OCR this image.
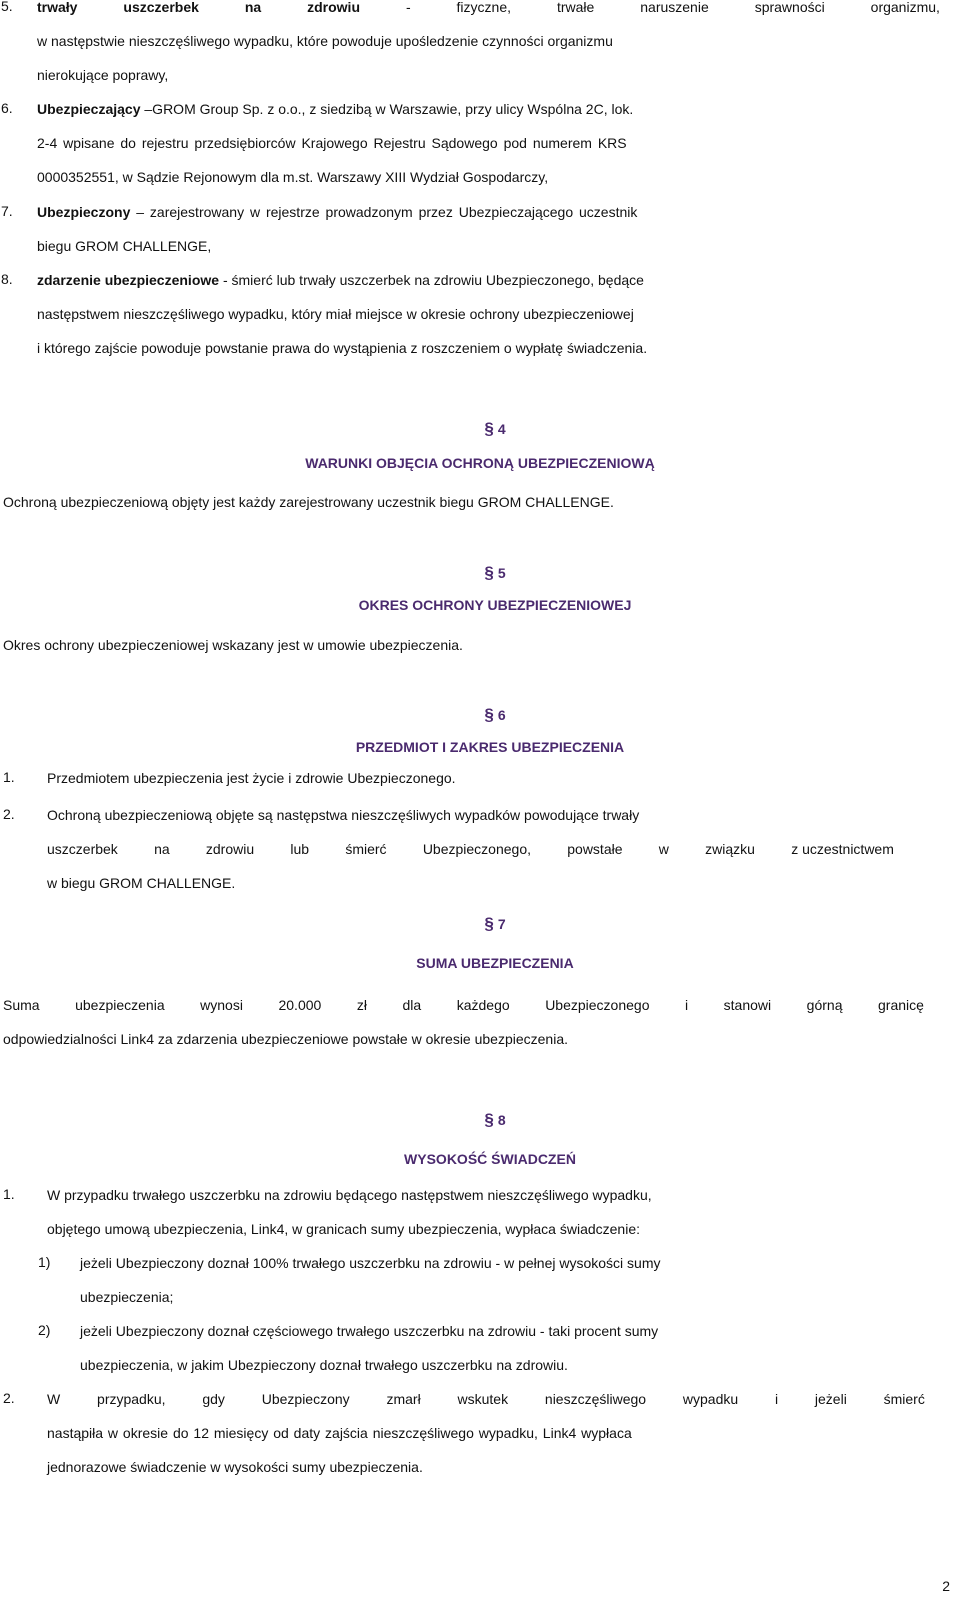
5. trwały	uszczerbek	na	zdrowiu	-	fizyczne,	trwałe	naruszenie	sprawności	organizmu,
w następstwie nieszczęśliwego wypadku, które powoduje upośledzenie czynności organizmu
nierokujące poprawy,
6. Ubezpieczający –GROM Group Sp. z o.o., z siedzibą w Warszawie, przy ulicy Wspólna 2C, lok.
2-4 wpisane do rejestru przedsiębiorców Krajowego Rejestru Sądowego pod numerem KRS
0000352551, w Sądzie Rejonowym dla m.st. Warszawy XIII Wydział Gospodarczy,
7. Ubezpieczony – zarejestrowany w rejestrze prowadzonym przez Ubezpieczającego uczestnik
biegu GROM CHALLENGE,
8. zdarzenie ubezpieczeniowe - śmierć lub trwały uszczerbek na zdrowiu Ubezpieczonego, będące
następstwem nieszczęśliwego wypadku, który miał miejsce w okresie ochrony ubezpieczeniowej
i którego zajście powoduje powstanie prawa do wystąpienia z roszczeniem o wypłatę świadczenia.
§ 4
WARUNKI OBJĘCIA OCHRONĄ UBEZPIECZENIOWĄ
Ochroną ubezpieczeniową objęty jest każdy zarejestrowany uczestnik biegu GROM CHALLENGE.
§ 5
OKRES OCHRONY UBEZPIECZENIOWEJ
Okres ochrony ubezpieczeniowej wskazany jest w umowie ubezpieczenia.
§ 6
PRZEDMIOT I ZAKRES UBEZPIECZENIA
1. Przedmiotem ubezpieczenia jest życie i zdrowie Ubezpieczonego.
2. Ochroną ubezpieczeniową objęte są następstwa nieszczęśliwych wypadków powodujące trwały
uszczerbek	na	zdrowiu	lub	śmierć	Ubezpieczonego,	powstałe	w	związku	z uczestnictwem
w biegu GROM CHALLENGE.
§ 7
SUMA UBEZPIECZENIA
Suma	ubezpieczenia	wynosi	20.000	zł	dla	każdego	Ubezpieczonego	i	stanowi	górną	granicę
odpowiedzialności Link4 za zdarzenia ubezpieczeniowe powstałe w okresie ubezpieczenia.
§ 8
WYSOKOŚĆ ŚWIADCZEŃ
1. W przypadku trwałego uszczerbku na zdrowiu będącego następstwem nieszczęśliwego wypadku,
objętego umową ubezpieczenia, Link4, w granicach sumy ubezpieczenia, wypłaca świadczenie:
1) jeżeli Ubezpieczony doznał 100% trwałego uszczerbku na zdrowiu - w pełnej wysokości sumy
ubezpieczenia;
2) jeżeli Ubezpieczony doznał częściowego trwałego uszczerbku na zdrowiu - taki procent sumy
ubezpieczenia, w jakim Ubezpieczony doznał trwałego uszczerbku na zdrowiu.
2. W	przypadku,	gdy	Ubezpieczony	zmarł	wskutek	nieszczęśliwego	wypadku	i	jeżeli	śmierć
nastąpiła w okresie do 12 miesięcy od daty zajścia nieszczęśliwego wypadku, Link4 wypłaca
jednorazowe świadczenie w wysokości sumy ubezpieczenia.
2
